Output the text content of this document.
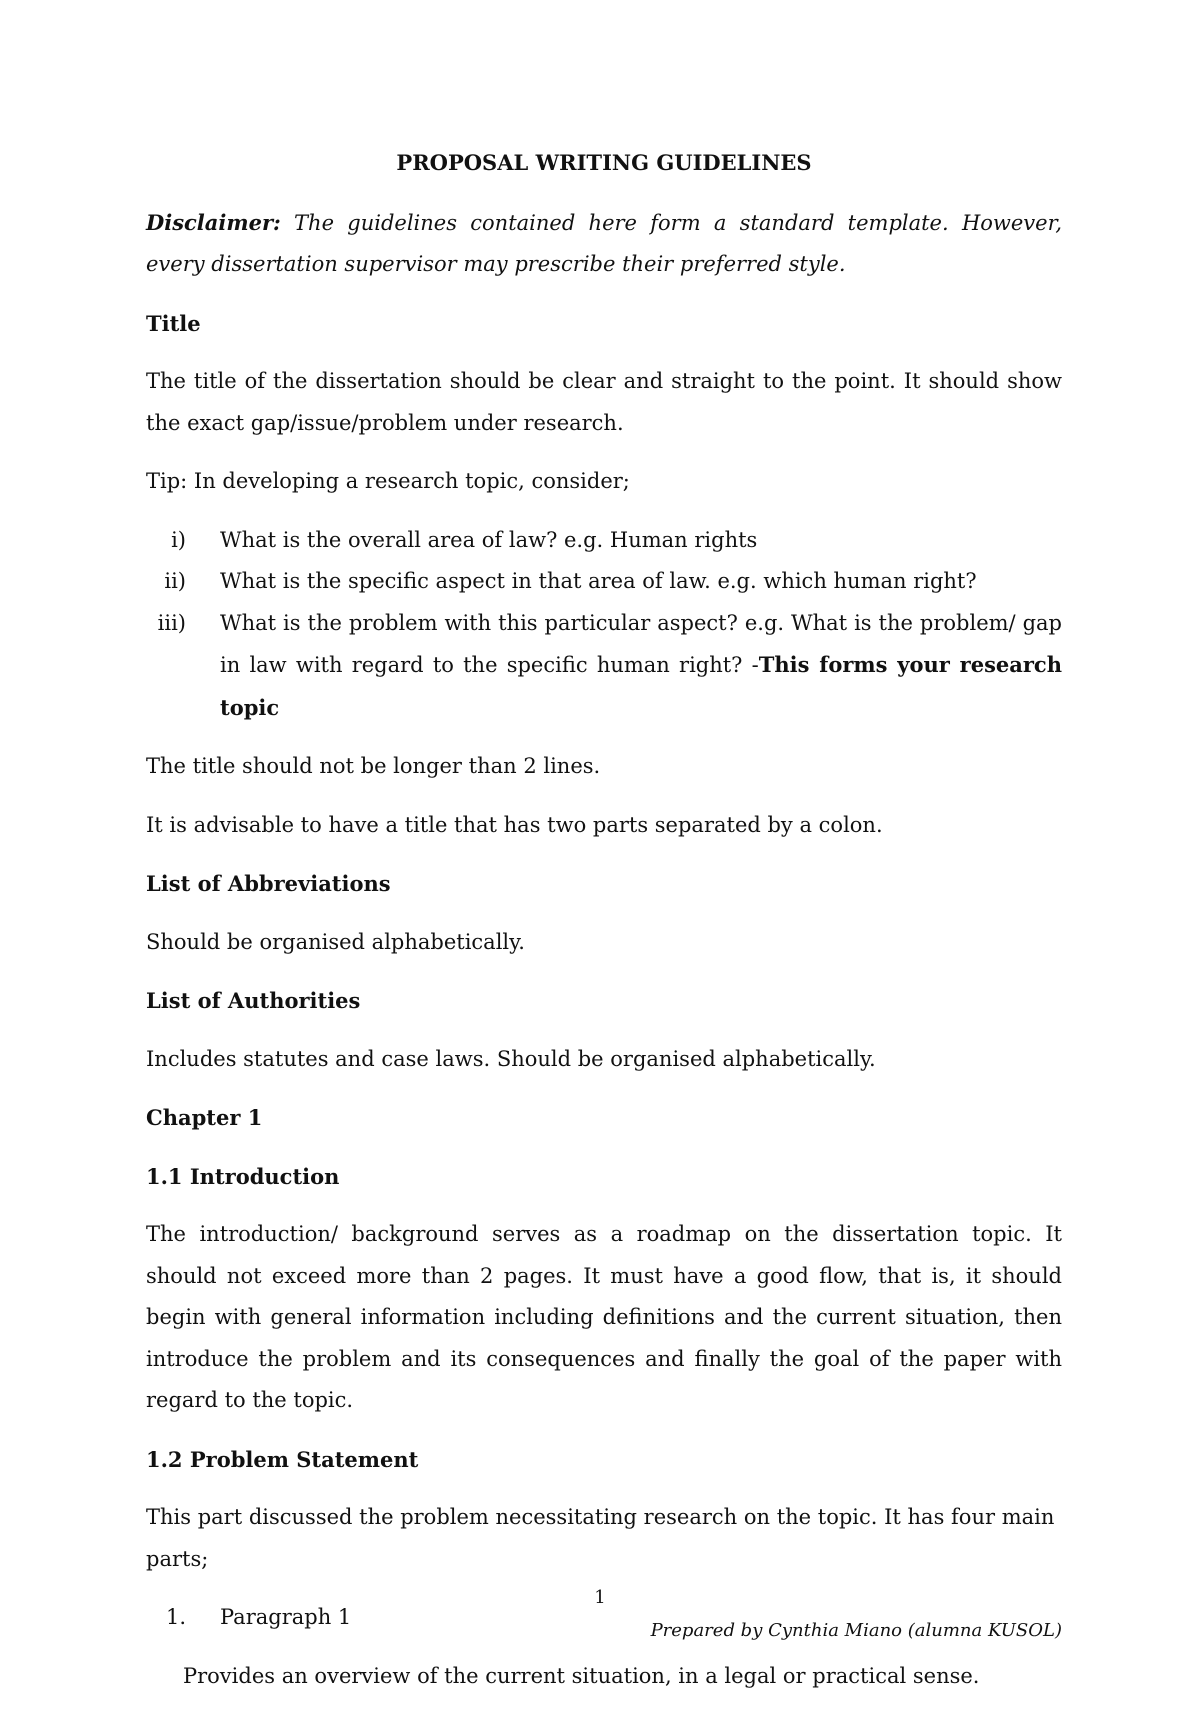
PROPOSAL WRITING GUIDELINES

Disclaimer: The guidelines contained here form a standard template. However, every dissertation supervisor may prescribe their preferred style.

Title

The title of the dissertation should be clear and straight to the point. It should show the exact gap/issue/problem under research.

Tip: In developing a research topic, consider;

i)	What is the overall area of law? e.g. Human rights
ii)	What is the specific aspect in that area of law. e.g. which human right?
iii)	What is the problem with this particular aspect? e.g. What is the problem/ gap in law with regard to the specific human right? -This forms your research topic

The title should not be longer than 2 lines.

It is advisable to have a title that has two parts separated by a colon.

List of Abbreviations

Should be organised alphabetically.

List of Authorities

Includes statutes and case laws. Should be organised alphabetically.

Chapter 1

1.1 Introduction

The introduction/ background serves as a roadmap on the dissertation topic. It should not exceed more than 2 pages. It must have a good flow, that is, it should begin with general information including definitions and the current situation, then introduce the problem and its consequences and finally the goal of the paper with regard to the topic.

1.2 Problem Statement

This part discussed the problem necessitating research on the topic. It has four main parts;

1.	Paragraph 1

Provides an overview of the current situation, in a legal or practical sense.

1
Prepared by Cynthia Miano (alumna KUSOL)
